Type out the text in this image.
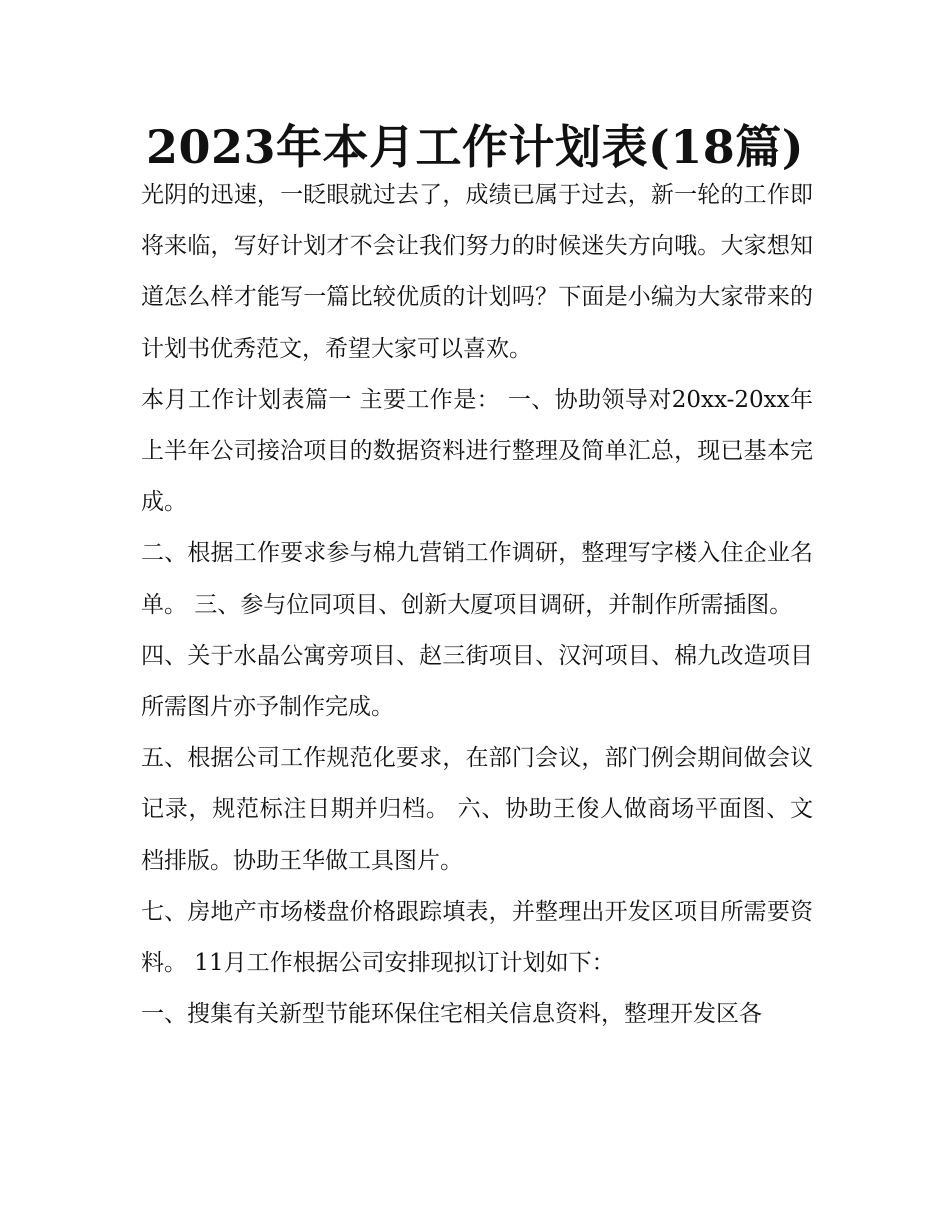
2023年本月工作计划表(18篇)

光阴的迅速，一眨眼就过去了，成绩已属于过去，新一轮的工作即将来临，写好计划才不会让我们努力的时候迷失方向哦。大家想知道怎么样才能写一篇比较优质的计划吗？下面是小编为大家带来的计划书优秀范文，希望大家可以喜欢。

本月工作计划表篇一 主要工作是： 一、协助领导对20xx-20xx年上半年公司接洽项目的数据资料进行整理及简单汇总，现已基本完成。

二、根据工作要求参与棉九营销工作调研，整理写字楼入住企业名单。 三、参与位同项目、创新大厦项目调研，并制作所需插图。

四、关于水晶公寓旁项目、赵三街项目、汉河项目、棉九改造项目所需图片亦予制作完成。

五、根据公司工作规范化要求，在部门会议，部门例会期间做会议记录，规范标注日期并归档。 六、协助王俊人做商场平面图、文档排版。协助王华做工具图片。

七、房地产市场楼盘价格跟踪填表，并整理出开发区项目所需要资料。 11月工作根据公司安排现拟订计划如下：

一、搜集有关新型节能环保住宅相关信息资料，整理开发区各
